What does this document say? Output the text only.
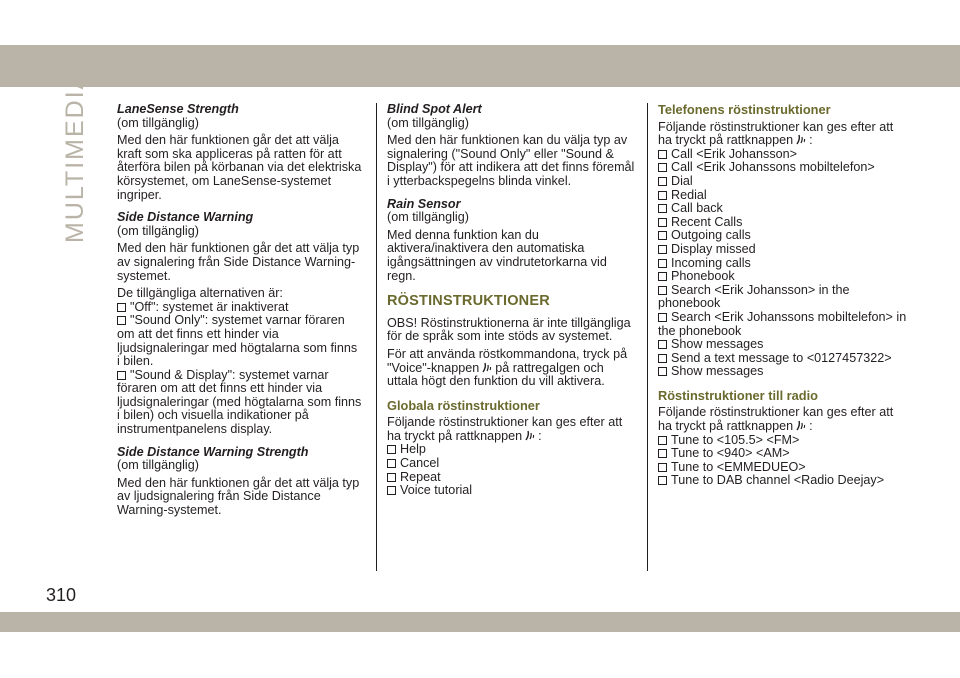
MULTIMEDIA
310
LaneSense Strength
(om tillgänglig)
Med den här funktionen går det att välja kraft som ska appliceras på ratten för att återföra bilen på körbanan via det elektriska körsystemet, om LaneSense-systemet ingriper.
Side Distance Warning
(om tillgänglig)
Med den här funktionen går det att välja typ av signalering från Side Distance Warning-systemet.
De tillgängliga alternativen är:
"Off": systemet är inaktiverat
"Sound Only": systemet varnar föraren om att det finns ett hinder via ljudsignaleringar med högtalarna som finns i bilen.
"Sound & Display": systemet varnar föraren om att det finns ett hinder via ljudsignaleringar (med högtalarna som finns i bilen) och visuella indikationer på instrumentpanelens display.
Side Distance Warning Strength
(om tillgänglig)
Med den här funktionen går det att välja typ av ljudsignalering från Side Distance Warning-systemet.
Blind Spot Alert
(om tillgänglig)
Med den här funktionen kan du välja typ av signalering ("Sound Only" eller "Sound & Display") för att indikera att det finns föremål i ytterbackspegelns blinda vinkel.
Rain Sensor
(om tillgänglig)
Med denna funktion kan du aktivera/inaktivera den automatiska igångsättningen av vindrutetorkarna vid regn.
RÖSTINSTRUKTIONER
OBS! Röstinstruktionerna är inte tillgängliga för de språk som inte stöds av systemet.
För att använda röstkommandona, tryck på "Voice"-knappen på rattregalgen och uttala högt den funktion du vill aktivera.
Globala röstinstruktioner
Följande röstinstruktioner kan ges efter att ha tryckt på rattknappen :
Help
Cancel
Repeat
Voice tutorial
Telefonens röstinstruktioner
Följande röstinstruktioner kan ges efter att ha tryckt på rattknappen :
Call <Erik Johansson>
Call <Erik Johanssons mobiltelefon>
Dial
Redial
Call back
Recent Calls
Outgoing calls
Display missed
Incoming calls
Phonebook
Search <Erik Johansson> in the phonebook
Search <Erik Johanssons mobiltelefon> in the phonebook
Show messages
Send a text message to <0127457322>
Show messages
Röstinstruktioner till radio
Följande röstinstruktioner kan ges efter att ha tryckt på rattknappen :
Tune to <105.5> <FM>
Tune to <940> <AM>
Tune to <EMMEDUEO>
Tune to DAB channel <Radio Deejay>
